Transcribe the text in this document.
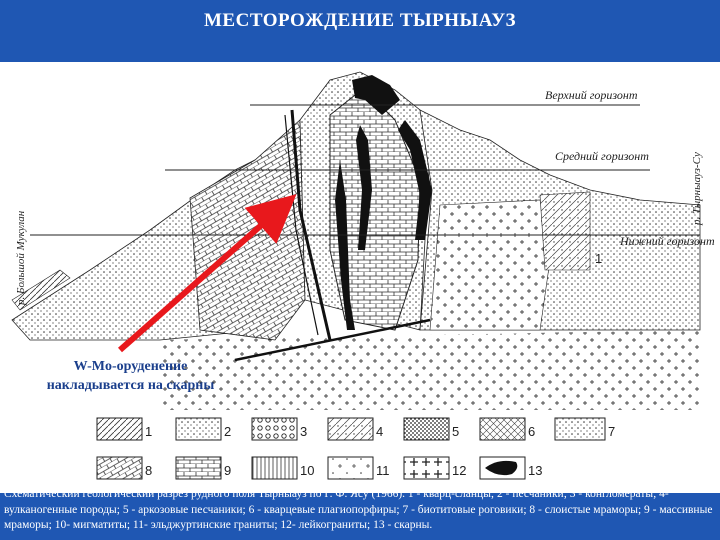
МЕСТОРОЖДЕНИЕ ТЫРНЫАУЗ
Верхний горизонт
Средний горизонт
Нижний горизонт
р. Большой Мукулан
р. Тырныауз-Су
1
1	2	3	4	5	6	7
8	9	10	11	12	13
W-Mo-оруденение
накладывается на скарны
Схематический геологический разрез рудного поля Тырныауз по Г. Ф. Ясу (1966). 1 - кварц-сланцы; 2 - песчаники; 3 - конгломераты; 4- вулканогенные породы; 5 - аркозовые песчаники; 6 - кварцевые плагиопорфиры; 7 - биотитовые роговики; 8 - слоистые мраморы; 9 - массивные мраморы; 10- мигматиты; 11- эльджуртинские граниты; 12- лейкограниты; 13 - скарны.
